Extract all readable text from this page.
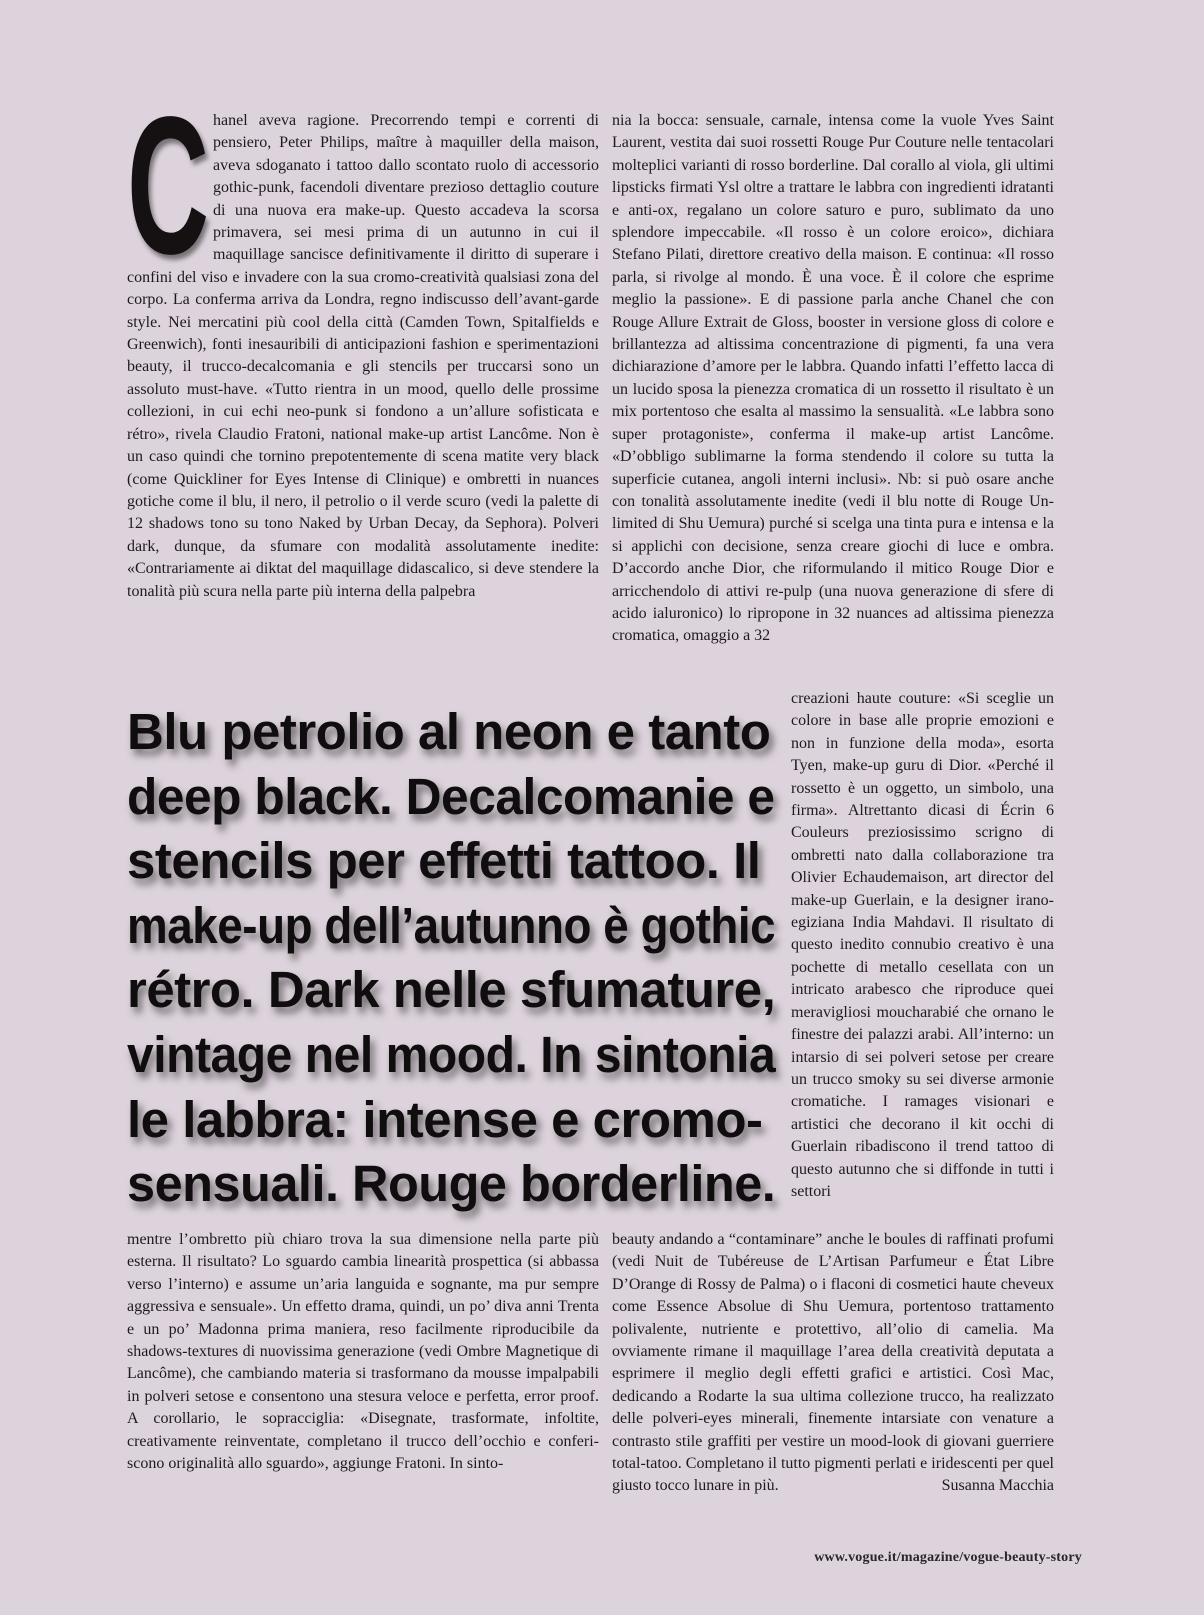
C hanel aveva ragione. Precorrendo tempi e correnti di pensiero, Peter Philips, maître à maquiller della maison, aveva sdoganato i tattoo dallo scontato ruolo di accessorio gothic-punk, facendoli diventare prezioso dettaglio couture di una nuova era make-up. Questo accadeva la scorsa primavera, sei mesi prima di un autunno in cui il maquillage sancisce definitivamente il diritto di superare i confini del viso e invadere con la sua cromo-creatività qualsiasi zona del corpo. La conferma arriva da Londra, regno indiscusso dell’avant-garde style. Nei mercatini più cool della città (Camden Town, Spitalfields e Greenwich), fonti inesauribili di anticipazioni fashion e sperimentazioni beauty, il trucco-decalcomania e gli stencils per truccarsi sono un assoluto must-have. «Tutto rientra in un mood, quello delle prossime collezioni, in cui echi neo-punk si fondono a un’allure sofisticata e rétro», rivela Claudio Fratoni, national make-up artist Lancôme. Non è un caso quindi che tornino prepotentemente di scena matite very black (come Quickliner for Eyes Intense di Clinique) e ombretti in nuances gotiche come il blu, il nero, il petrolio o il verde scuro (vedi la palette di 12 shadows tono su tono Naked by Urban Decay, da Sephora). Polveri dark, dunque, da sfumare con modalità assolutamente inedite: «Contrariamente ai diktat del maquillage didascalico, si deve stendere la tonalità più scura nella parte più interna della palpebra

nia la bocca: sensuale, carnale, intensa come la vuole Yves Saint Laurent, vestita dai suoi rossetti Rouge Pur Couture nelle tentacolari molteplici varianti di rosso borderline. Dal corallo al viola, gli ultimi lipsticks firmati Ysl oltre a trattare le labbra con ingredienti idratanti e anti-ox, regalano un colore saturo e puro, sublimato da uno splendore impeccabile. «Il rosso è un colore eroico», dichiara Stefano Pilati, direttore creativo della maison. E continua: «Il rosso parla, si rivolge al mondo. È una voce. È il colore che esprime meglio la passione». E di passione parla anche Chanel che con Rouge Allure Extrait de Gloss, booster in versione gloss di colore e brillantezza ad altissima concentrazione di pigmenti, fa una vera dichiarazione d’amore per le labbra. Quando infatti l’effetto lacca di un lucido sposa la pienezza cromatica di un rossetto il risultato è un mix portentoso che esalta al massimo la sensualità. «Le labbra sono super protagoniste», conferma il make-up artist Lancôme. «D’obbligo sublimarne la forma stendendo il colore su tutta la superficie cutanea, angoli interni inclusi». Nb: si può osare anche con tonalità assolutamente inedite (vedi il blu notte di Rouge Unlimited di Shu Uemura) purché si scelga una tinta pura e intensa e la si applichi con decisione, senza creare giochi di luce e ombra. D’accordo anche Dior, che riformulando il mitico Rouge Dior e arricchendolo di attivi re-pulp (una nuova generazione di sfere di acido ialuronico) lo ripropone in 32 nuances ad altissima pienezza cromatica, omaggio a 32

Blu petrolio al neon e tanto
deep black. Decalcomanie e
stencils per effetti tattoo. Il
make-up dell’autunno è gothic
rétro. Dark nelle sfumature,
vintage nel mood. In sintonia
le labbra: intense e cromo-
sensuali. Rouge borderline.

creazioni haute couture: «Si sceglie un colore in base alle proprie emozioni e non in funzione della moda», esorta Tyen, make-up guru di Dior. «Perché il rossetto è un oggetto, un simbolo, una firma». Altrettanto dicasi di Écrin 6 Couleurs preziosissimo scrigno di ombretti nato dalla collaborazione tra Olivier Echaudemaison, art director del make-up Guerlain, e la designer irano-egiziana India Mahdavi. Il risultato di questo inedito connubio creativo è una pochette di metallo cesellata con un intricato arabesco che riproduce quei meravigliosi moucharabié che ornano le finestre dei palazzi arabi. All’interno: un intarsio di sei polveri setose per creare un trucco smoky su sei diverse armonie cromatiche. I ramages visionari e artistici che decorano il kit occhi di Guerlain ribadiscono il trend tattoo di questo autunno che si diffonde in tutti i settori

mentre l’ombretto più chiaro trova la sua dimensione nella parte più esterna. Il risultato? Lo sguardo cambia linearità prospettica (si abbassa verso l’interno) e assume un’aria languida e sognante, ma pur sempre aggressiva e sensuale». Un effetto drama, quindi, un po’ diva anni Trenta e un po’ Madonna prima maniera, reso facilmente riproducibile da shadows-textures di nuovissima generazione (vedi Ombre Magnetique di Lancôme), che cambiando materia si trasformano da mousse impalpabili in polveri setose e consentono una stesura veloce e perfetta, error proof. A corollario, le sopracciglia: «Disegnate, trasformate, infoltite, creativamente reinventate, completano il trucco dell’occhio e conferiscono originalità allo sguardo», aggiunge Fratoni. In sinto-

beauty andando a “contaminare” anche le boules di raffinati profumi (vedi Nuit de Tubéreuse de L’Artisan Parfumeur e État Libre D’Orange di Rossy de Palma) o i flaconi di cosmetici haute cheveux come Essence Absolue di Shu Uemura, portentoso trattamento polivalente, nutriente e protettivo, all’olio di camelia. Ma ovviamente rimane il maquillage l’area della creatività deputata a esprimere il meglio degli effetti grafici e artistici. Così Mac, dedicando a Rodarte la sua ultima collezione trucco, ha realizzato delle polveri-eyes minerali, finemente intarsiate con venature a contrasto stile graffiti per vestire un mood-look di giovani guerriere total-tatoo. Completano il tutto pigmenti perlati e iridescenti per quel giusto tocco lunare in più.	Susanna Macchia

www.vogue.it/magazine/vogue-beauty-story
